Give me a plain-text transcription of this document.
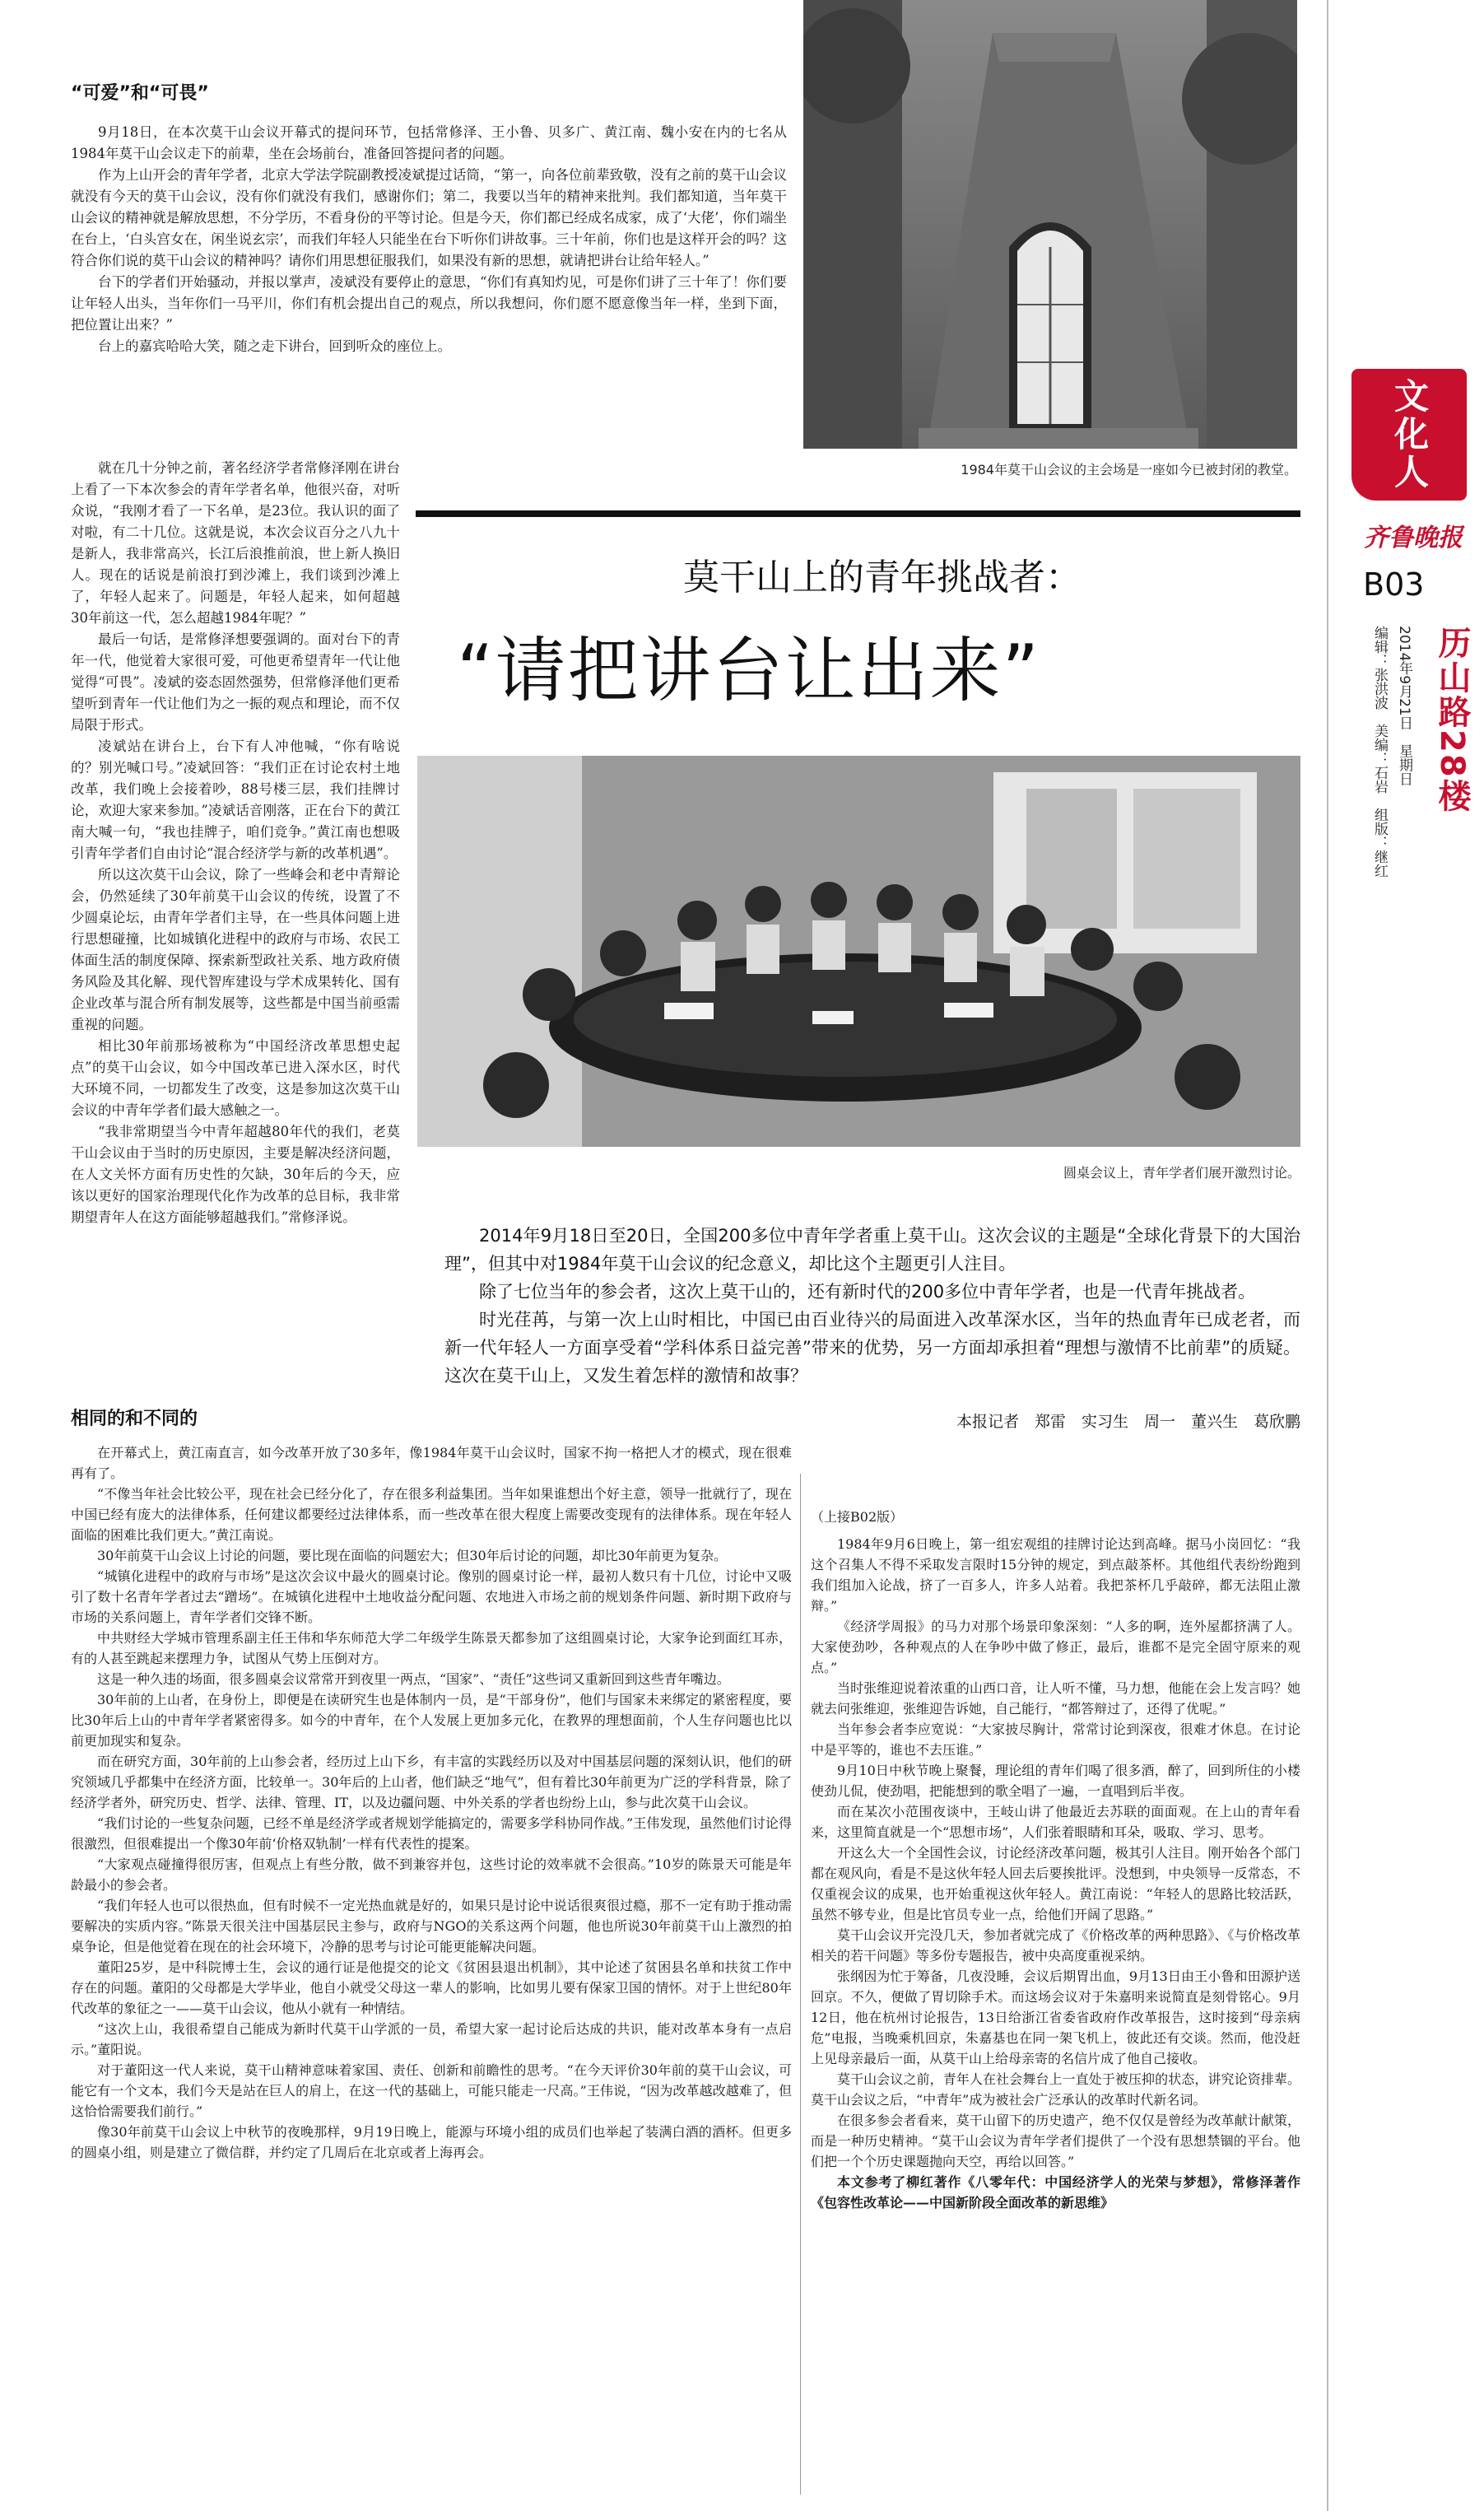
文化人
齐鲁晚报
B03
历山路28楼
2014年9月21日　星期日
编辑：张洪波　美编：石岩　组版：继红
1984年莫干山会议的主会场是一座如今已被封闭的教堂。
莫干山上的青年挑战者：
“请把讲台让出来”
圆桌会议上，青年学者们展开激烈讨论。

2014年9月18日至20日，全国200多位中青年学者重上莫干山。这次会议的主题是“全球化背景下的大国治理”，但其中对1984年莫干山会议的纪念意义，却比这个主题更引人注目。

除了七位当年的参会者，这次上莫干山的，还有新时代的200多位中青年学者，也是一代青年挑战者。

时光荏苒，与第一次上山时相比，中国已由百业待兴的局面进入改革深水区，当年的热血青年已成老者，而新一代年轻人一方面享受着“学科体系日益完善”带来的优势，另一方面却承担着“理想与激情不比前辈”的质疑。这次在莫干山上，又发生着怎样的激情和故事？

本报记者　郑雷　实习生　周一　董兴生　葛欣鹏
“可爱”和“可畏”

9月18日，在本次莫干山会议开幕式的提问环节，包括常修泽、王小鲁、贝多广、黄江南、魏小安在内的七名从1984年莫干山会议走下的前辈，坐在会场前台，准备回答提问者的问题。

作为上山开会的青年学者，北京大学法学院副教授凌斌提过话筒，“第一，向各位前辈致敬，没有之前的莫干山会议就没有今天的莫干山会议，没有你们就没有我们，感谢你们；第二，我要以当年的精神来批判。我们都知道，当年莫干山会议的精神就是解放思想，不分学历，不看身份的平等讨论。但是今天，你们都已经成名成家，成了‘大佬’，你们端坐在台上，‘白头宫女在，闲坐说玄宗’，而我们年轻人只能坐在台下听你们讲故事。三十年前，你们也是这样开会的吗？这符合你们说的莫干山会议的精神吗？请你们用思想征服我们，如果没有新的思想，就请把讲台让给年轻人。”

台下的学者们开始骚动，并报以掌声，凌斌没有要停止的意思，“你们有真知灼见，可是你们讲了三十年了！你们要让年轻人出头，当年你们一马平川，你们有机会提出自己的观点，所以我想问，你们愿不愿意像当年一样，坐到下面，把位置让出来？”

台上的嘉宾哈哈大笑，随之走下讲台，回到听众的座位上。

就在几十分钟之前，著名经济学者常修泽刚在讲台上看了一下本次参会的青年学者名单，他很兴奋，对听众说，“我刚才看了一下名单，是23位。我认识的面了对啦，有二十几位。这就是说，本次会议百分之八九十是新人，我非常高兴，长江后浪推前浪，世上新人换旧人。现在的话说是前浪打到沙滩上，我们谈到沙滩上了，年轻人起来了。问题是，年轻人起来，如何超越30年前这一代，怎么超越1984年呢？”

最后一句话，是常修泽想要强调的。面对台下的青年一代，他觉着大家很可爱，可他更希望青年一代让他觉得“可畏”。凌斌的姿态固然强势，但常修泽他们更希望听到青年一代让他们为之一振的观点和理论，而不仅局限于形式。

凌斌站在讲台上，台下有人冲他喊，“你有啥说的？别光喊口号。”凌斌回答：“我们正在讨论农村土地改革，我们晚上会接着吵，88号楼三层，我们挂牌讨论，欢迎大家来参加。”凌斌话音刚落，正在台下的黄江南大喊一句，“我也挂牌子，咱们竞争。”黄江南也想吸引青年学者们自由讨论“混合经济学与新的改革机遇”。

所以这次莫干山会议，除了一些峰会和老中青辩论会，仍然延续了30年前莫干山会议的传统，设置了不少圆桌论坛，由青年学者们主导，在一些具体问题上进行思想碰撞，比如城镇化进程中的政府与市场、农民工体面生活的制度保障、探索新型政社关系、地方政府债务风险及其化解、现代智库建设与学术成果转化、国有企业改革与混合所有制发展等，这些都是中国当前亟需重视的问题。

相比30年前那场被称为“中国经济改革思想史起点”的莫干山会议，如今中国改革已进入深水区，时代大环境不同，一切都发生了改变，这是参加这次莫干山会议的中青年学者们最大感触之一。

“我非常期望当今中青年超越80年代的我们，老莫干山会议由于当时的历史原因，主要是解决经济问题，在人文关怀方面有历史性的欠缺，30年后的今天，应该以更好的国家治理现代化作为改革的总目标，我非常期望青年人在这方面能够超越我们。”常修泽说。

相同的和不同的

在开幕式上，黄江南直言，如今改革开放了30多年，像1984年莫干山会议时，国家不拘一格把人才的模式，现在很难再有了。

“不像当年社会比较公平，现在社会已经分化了，存在很多利益集团。当年如果谁想出个好主意，领导一批就行了，现在中国已经有庞大的法律体系，任何建议都要经过法律体系，而一些改革在很大程度上需要改变现有的法律体系。现在年轻人面临的困难比我们更大。”黄江南说。

30年前莫干山会议上讨论的问题，要比现在面临的问题宏大；但30年后讨论的问题，却比30年前更为复杂。

“城镇化进程中的政府与市场”是这次会议中最火的圆桌讨论。像别的圆桌讨论一样，最初人数只有十几位，讨论中又吸引了数十名青年学者过去“蹭场”。在城镇化进程中土地收益分配问题、农地进入市场之前的规划条件问题、新时期下政府与市场的关系问题上，青年学者们交锋不断。

中共财经大学城市管理系副主任王伟和华东师范大学二年级学生陈景天都参加了这组圆桌讨论，大家争论到面红耳赤，有的人甚至跳起来摆理力争，试图从气势上压倒对方。

这是一种久违的场面，很多圆桌会议常常开到夜里一两点，“国家”、“责任”这些词又重新回到这些青年嘴边。

30年前的上山者，在身份上，即便是在读研究生也是体制内一员，是“干部身份”，他们与国家未来绑定的紧密程度，要比30年后上山的中青年学者紧密得多。如今的中青年，在个人发展上更加多元化，在教界的理想面前，个人生存问题也比以前更加现实和复杂。

而在研究方面，30年前的上山参会者，经历过上山下乡，有丰富的实践经历以及对中国基层问题的深刻认识，他们的研究领域几乎都集中在经济方面，比较单一。30年后的上山者，他们缺乏“地气”，但有着比30年前更为广泛的学科背景，除了经济学者外，研究历史、哲学、法律、管理、IT，以及边疆问题、中外关系的学者也纷纷上山，参与此次莫干山会议。

“我们讨论的一些复杂问题，已经不单是经济学或者规划学能搞定的，需要多学科协同作战。”王伟发现，虽然他们讨论得很激烈，但很难提出一个像30年前‘价格双轨制’一样有代表性的提案。

“大家观点碰撞得很厉害，但观点上有些分散，做不到兼容并包，这些讨论的效率就不会很高。”10岁的陈景天可能是年龄最小的参会者。

“我们年轻人也可以很热血，但有时候不一定光热血就是好的，如果只是讨论中说话很爽很过瘾，那不一定有助于推动需要解决的实质内容。”陈景天很关注中国基层民主参与，政府与NGO的关系这两个问题，他也所说30年前莫干山上激烈的拍桌争论，但是他觉着在现在的社会环境下，冷静的思考与讨论可能更能解决问题。

董阳25岁，是中科院博士生，会议的通行证是他提交的论文《贫困县退出机制》，其中论述了贫困县名单和扶贫工作中存在的问题。董阳的父母都是大学毕业，他自小就受父母这一辈人的影响，比如男儿要有保家卫国的情怀。对于上世纪80年代改革的象征之一——莫干山会议，他从小就有一种情结。

“这次上山，我很希望自己能成为新时代莫干山学派的一员，希望大家一起讨论后达成的共识，能对改革本身有一点启示。”董阳说。

对于董阳这一代人来说，莫干山精神意味着家国、责任、创新和前瞻性的思考。“在今天评价30年前的莫干山会议，可能它有一个文本，我们今天是站在巨人的肩上，在这一代的基础上，可能只能走一尺高。”王伟说，“因为改革越改越难了，但这恰恰需要我们前行。”

像30年前莫干山会议上中秋节的夜晚那样，9月19日晚上，能源与环境小组的成员们也举起了装满白酒的酒杯。但更多的圆桌小组，则是建立了微信群，并约定了几周后在北京或者上海再会。

（上接B02版）

1984年9月6日晚上，第一组宏观组的挂牌讨论达到高峰。据马小岗回忆：“我这个召集人不得不采取发言限时15分钟的规定，到点敲茶杯。其他组代表纷纷跑到我们组加入论战，挤了一百多人，许多人站着。我把茶杯几乎敲碎，都无法阻止激辩。”

《经济学周报》的马力对那个场景印象深刻：“人多的啊，连外屋都挤满了人。大家使劲吵，各种观点的人在争吵中做了修正，最后，谁都不是完全固守原来的观点。”

当时张维迎说着浓重的山西口音，让人听不懂，马力想，他能在会上发言吗？她就去问张维迎，张维迎告诉她，自己能行，“都答辩过了，还得了优呢。”

当年参会者李应宽说：“大家披尽胸计，常常讨论到深夜，很难才休息。在讨论中是平等的，谁也不去压谁。”

9月10日中秋节晚上聚餐，理论组的青年们喝了很多酒，醉了，回到所住的小楼使劲儿侃，使劲唱，把能想到的歌全唱了一遍，一直唱到后半夜。

而在某次小范围夜谈中，王岐山讲了他最近去苏联的面面观。在上山的青年看来，这里简直就是一个“思想市场”，人们张着眼睛和耳朵，吸取、学习、思考。

开这么大一个全国性会议，讨论经济改革问题，极其引人注目。刚开始各个部门都在观风向，看是不是这伙年轻人回去后要挨批评。没想到，中央领导一反常态，不仅重视会议的成果，也开始重视这伙年轻人。黄江南说：“年轻人的思路比较活跃，虽然不够专业，但是比官员专业一点，给他们开阔了思路。”

莫干山会议开完没几天，参加者就完成了《价格改革的两种思路》、《与价格改革相关的若干问题》等多份专题报告，被中央高度重视采纳。

张纲因为忙于筹备，几夜没睡，会议后期胃出血，9月13日由王小鲁和田源护送回京。不久，便做了胃切除手术。而这场会议对于朱嘉明来说简直是刻骨铭心。9月12日，他在杭州讨论报告，13日给浙江省委省政府作改革报告，这时接到“母亲病危”电报，当晚乘机回京，朱嘉基也在同一架飞机上，彼此还有交谈。然而，他没赶上见母亲最后一面，从莫干山上给母亲寄的名信片成了他自己接收。

莫干山会议之前，青年人在社会舞台上一直处于被压抑的状态，讲究论资排辈。莫干山会议之后，“中青年”成为被社会广泛承认的改革时代新名词。

在很多参会者看来，莫干山留下的历史遗产，绝不仅仅是曾经为改革献计献策，而是一种历史精神。“莫干山会议为青年学者们提供了一个没有思想禁锢的平台。他们把一个个历史课题抛向天空，再给以回答。”

本文参考了柳红著作《八零年代：中国经济学人的光荣与梦想》，常修泽著作《包容性改革论——中国新阶段全面改革的新思维》
